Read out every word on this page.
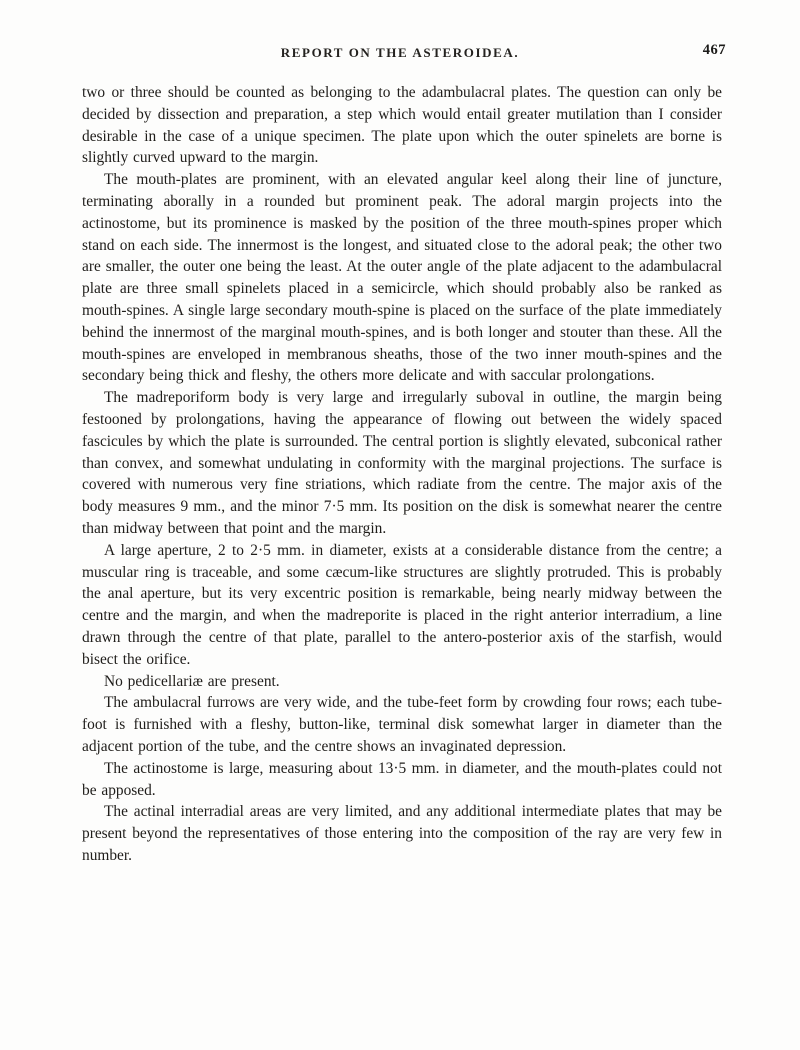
REPORT ON THE ASTEROIDEA.	467

two or three should be counted as belonging to the adambulacral plates. The question can only be decided by dissection and preparation, a step which would entail greater mutilation than I consider desirable in the case of a unique specimen. The plate upon which the outer spinelets are borne is slightly curved upward to the margin.

The mouth-plates are prominent, with an elevated angular keel along their line of juncture, terminating aborally in a rounded but prominent peak. The adoral margin projects into the actinostome, but its prominence is masked by the position of the three mouth-spines proper which stand on each side. The innermost is the longest, and situated close to the adoral peak; the other two are smaller, the outer one being the least. At the outer angle of the plate adjacent to the adambulacral plate are three small spinelets placed in a semicircle, which should probably also be ranked as mouth-spines. A single large secondary mouth-spine is placed on the surface of the plate immediately behind the innermost of the marginal mouth-spines, and is both longer and stouter than these. All the mouth-spines are enveloped in membranous sheaths, those of the two inner mouth-spines and the secondary being thick and fleshy, the others more delicate and with saccular prolongations.

The madreporiform body is very large and irregularly suboval in outline, the margin being festooned by prolongations, having the appearance of flowing out between the widely spaced fascicules by which the plate is surrounded. The central portion is slightly elevated, subconical rather than convex, and somewhat undulating in conformity with the marginal projections. The surface is covered with numerous very fine striations, which radiate from the centre. The major axis of the body measures 9 mm., and the minor 7·5 mm. Its position on the disk is somewhat nearer the centre than midway between that point and the margin.

A large aperture, 2 to 2·5 mm. in diameter, exists at a considerable distance from the centre; a muscular ring is traceable, and some cæcum-like structures are slightly protruded. This is probably the anal aperture, but its very excentric position is remarkable, being nearly midway between the centre and the margin, and when the madreporite is placed in the right anterior interradium, a line drawn through the centre of that plate, parallel to the antero-posterior axis of the starfish, would bisect the orifice.

No pedicellariæ are present.

The ambulacral furrows are very wide, and the tube-feet form by crowding four rows; each tube-foot is furnished with a fleshy, button-like, terminal disk somewhat larger in diameter than the adjacent portion of the tube, and the centre shows an invaginated depression.

The actinostome is large, measuring about 13·5 mm. in diameter, and the mouth-plates could not be apposed.

The actinal interradial areas are very limited, and any additional intermediate plates that may be present beyond the representatives of those entering into the composition of the ray are very few in number.
